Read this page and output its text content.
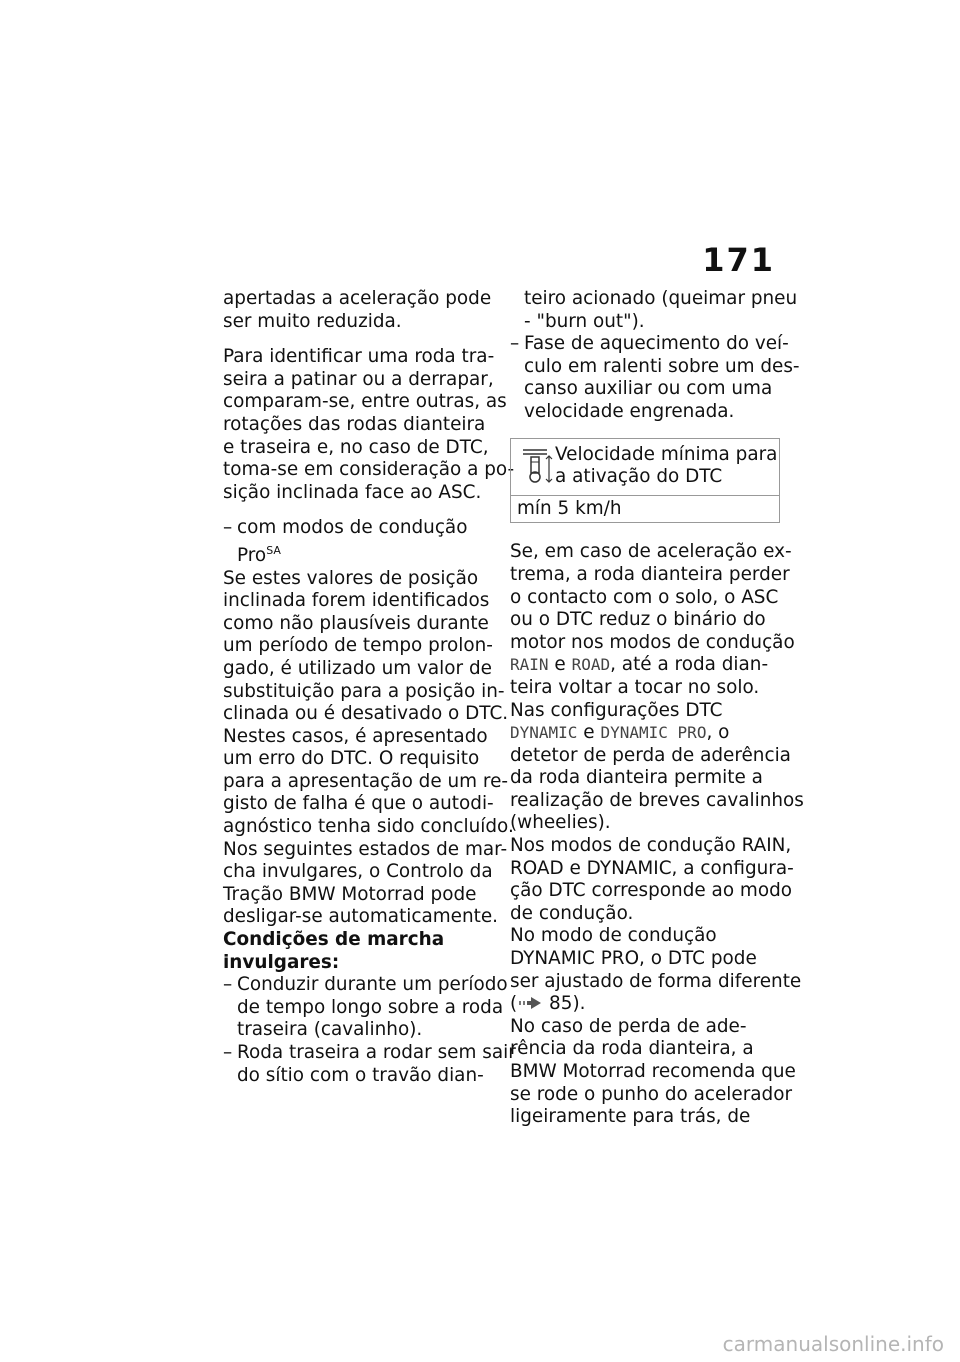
171
apertadas a aceleração pode
ser muito reduzida.
Para identificar uma roda tra-
seira a patinar ou a derrapar,
comparam-se, entre outras, as
rotações das rodas dianteira
e traseira e, no caso de DTC,
toma-se em consideração a po-
sição inclinada face ao ASC.
– com modos de condução
Pro$^{SA}$
Se estes valores de posição
inclinada forem identificados
como não plausíveis durante
um período de tempo prolon-
gado, é utilizado um valor de
substituição para a posição in-
clinada ou é desativado o DTC.
Nestes casos, é apresentado
um erro do DTC. O requisito
para a apresentação de um re-
gisto de falha é que o autodi-
agnóstico tenha sido concluído.
Nos seguintes estados de mar-
cha invulgares, o Controlo da
Tração BMW Motorrad pode
desligar-se automaticamente.
Condições de marcha
invulgares:
– Conduzir durante um período
de tempo longo sobre a roda
traseira (cavalinho).
– Roda traseira a rodar sem sair
do sítio com o travão dian-
teiro acionado (queimar pneu
- "burn out").
– Fase de aquecimento do veí-
culo em ralenti sobre um des-
canso auxiliar ou com uma
velocidade engrenada.
Velocidade mínima para
a ativação do DTC
mín 5 km/h
Se, em caso de aceleração ex-
trema, a roda dianteira perder
o contacto com o solo, o ASC
ou o DTC reduz o binário do
motor nos modos de condução
RAIN e ROAD, até a roda dian-
teira voltar a tocar no solo.
Nas configurações DTC
DYNAMIC e DYNAMIC PRO, o
detetor de perda de aderência
da roda dianteira permite a
realização de breves cavalinhos
(wheelies).
Nos modos de condução RAIN,
ROAD e DYNAMIC, a configura-
ção DTC corresponde ao modo
de condução.
No modo de condução
DYNAMIC PRO, o DTC pode
ser ajustado de forma diferente
( 85).
No caso de perda de ade-
rência da roda dianteira, a
BMW Motorrad recomenda que
se rode o punho do acelerador
ligeiramente para trás, de
carmanualsonline.info
